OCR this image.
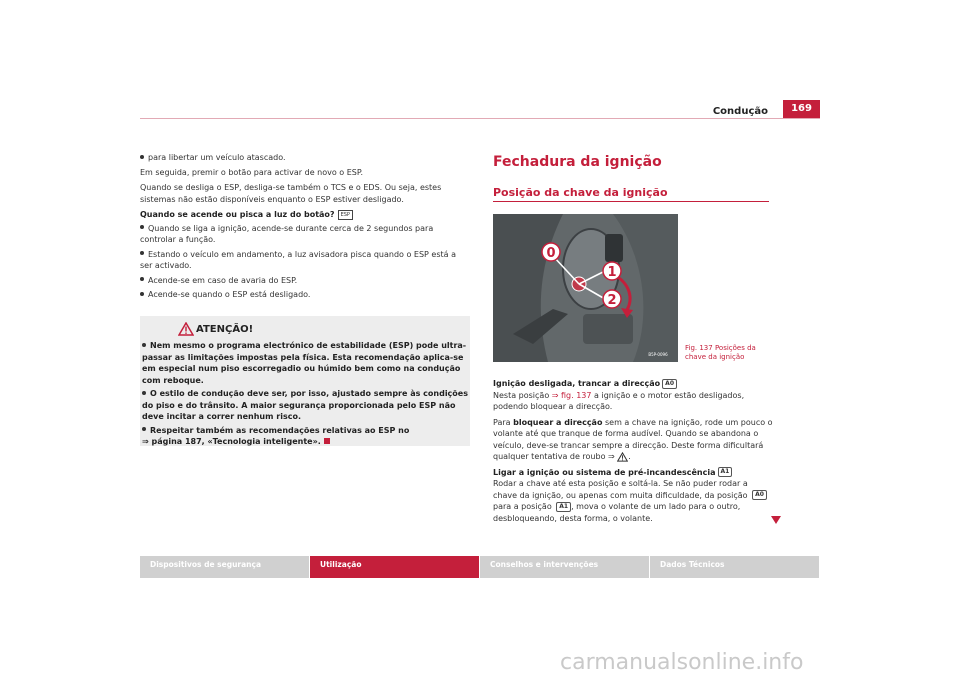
Condução	169
para libertar um veículo atascado.

Em seguida, premir o botão para activar de novo o ESP.

Quando se desliga o ESP, desliga-se também o TCS e o EDS. Ou seja, estes sistemas não estão disponíveis enquanto o ESP estiver desligado.

Quando se acende ou pisca a luz do botão? ESP

Quando se liga a ignição, acende-se durante cerca de 2 segundos para controlar a função.
Estando o veículo em andamento, a luz avisadora pisca quando o ESP está a ser activado.
Acende-se em caso de avaria do ESP.
Acende-se quando o ESP está desligado.
ATENÇÃO!
Nem mesmo o programa electrónico de estabilidade (ESP) pode ultra-passar as limitações impostas pela física. Esta recomendação aplica-se em especial num piso escorregadio ou húmido bem como na condução com reboque.
O estilo de condução deve ser, por isso, ajustado sempre às condições do piso e do trânsito. A maior segurança proporcionada pelo ESP não deve incitar a correr nenhum risco.
Respeitar também as recomendações relativas ao ESP no
⇒ página 187, «Tecnologia inteligente».
Fechadura da ignição
Posição da chave da ignição
0
1
2
B5P-0096
Fig. 137 Posições da chave da ignição

Ignição desligada, trancar a direcção A0

Nesta posição ⇒ fig. 137 a ignição e o motor estão desligados, podendo bloquear a direcção.

Para bloquear a direcção sem a chave na ignição, rode um pouco o volante até que tranque de forma audível. Quando se abandona o veículo, deve-se trancar sempre a direcção. Deste forma dificultará qualquer tentativa de roubo ⇒ .

Ligar a ignição ou sistema de pré-incandescência A1

Rodar a chave até esta posição e soltá-la. Se não puder rodar a chave da ignição, ou apenas com muita dificuldade, da posição A0 para a posição A1 , mova o volante de um lado para o outro, desbloqueando, desta forma, o volante.

Dispositivos de segurança	Utilização	Conselhos e intervenções	Dados Técnicos
carmanualsonline.info
